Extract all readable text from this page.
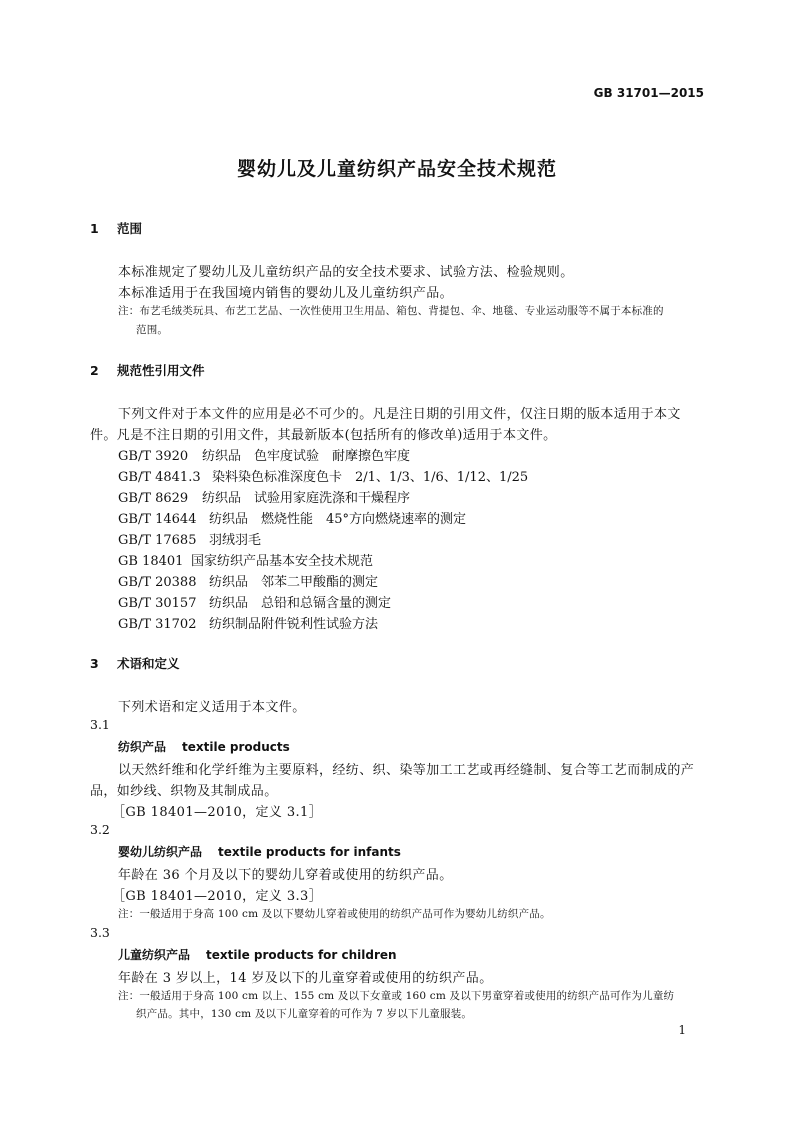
GB 31701—2015
婴幼儿及儿童纺织产品安全技术规范
1 范围
本标准规定了婴幼儿及儿童纺织产品的安全技术要求、试验方法、检验规则。
本标准适用于在我国境内销售的婴幼儿及儿童纺织产品。
注：布艺毛绒类玩具、布艺工艺品、一次性使用卫生用品、箱包、背提包、伞、地毯、专业运动服等不属于本标准的
范围。
2 规范性引用文件
下列文件对于本文件的应用是必不可少的。凡是注日期的引用文件，仅注日期的版本适用于本文
件。凡是不注日期的引用文件，其最新版本(包括所有的修改单)适用于本文件。
GB/T 3920 纺织品　色牢度试验　耐摩擦色牢度
GB/T 4841.3 染料染色标准深度色卡　2/1、1/3、1/6、1/12、1/25
GB/T 8629 纺织品　试验用家庭洗涤和干燥程序
GB/T 14644 纺织品　燃烧性能　45°方向燃烧速率的测定
GB/T 17685 羽绒羽毛
GB 18401 国家纺织产品基本安全技术规范
GB/T 20388 纺织品　邻苯二甲酸酯的测定
GB/T 30157 纺织品　总铅和总镉含量的测定
GB/T 31702 纺织制品附件锐利性试验方法
3 术语和定义
下列术语和定义适用于本文件。
3.1
纺织产品 textile products
以天然纤维和化学纤维为主要原料，经纺、织、染等加工工艺或再经缝制、复合等工艺而制成的产
品，如纱线、织物及其制成品。
［GB 18401—2010，定义 3.1］
3.2
婴幼儿纺织产品 textile products for infants
年龄在 36 个月及以下的婴幼儿穿着或使用的纺织产品。
［GB 18401—2010，定义 3.3］
注：一般适用于身高 100 cm 及以下婴幼儿穿着或使用的纺织产品可作为婴幼儿纺织产品。
3.3
儿童纺织产品 textile products for children
年龄在 3 岁以上，14 岁及以下的儿童穿着或使用的纺织产品。
注：一般适用于身高 100 cm 以上、155 cm 及以下女童或 160 cm 及以下男童穿着或使用的纺织产品可作为儿童纺
织产品。其中，130 cm 及以下儿童穿着的可作为 7 岁以下儿童服装。
1
